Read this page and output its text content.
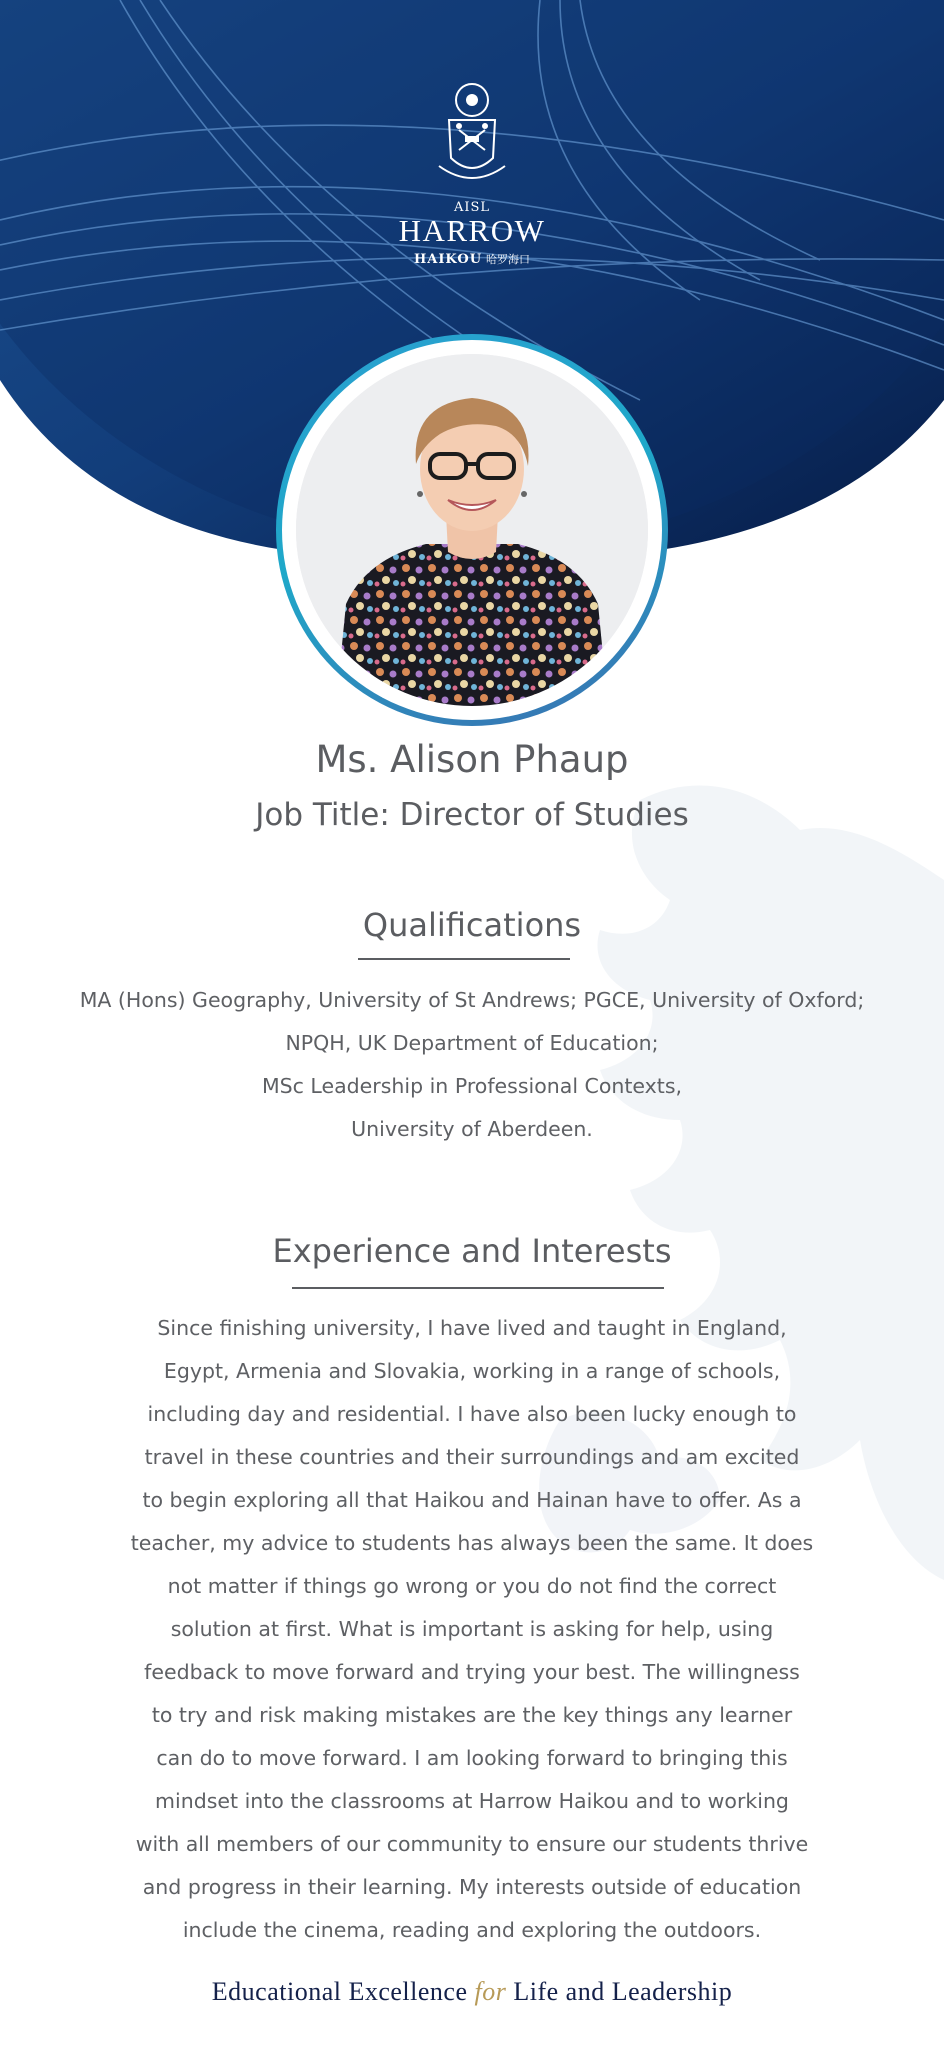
AISL
HARROW
HAIKOU 哈罗海口
Ms. Alison Phaup
Job Title: Director of Studies
Qualifications
MA (Hons) Geography, University of St Andrews; PGCE, University of Oxford;
NPQH, UK Department of Education;
MSc Leadership in Professional Contexts,
University of Aberdeen.
Experience and Interests
Since finishing university, I have lived and taught in England,
Egypt, Armenia and Slovakia, working in a range of schools,
including day and residential. I have also been lucky enough to
travel in these countries and their surroundings and am excited
to begin exploring all that Haikou and Hainan have to offer. As a
teacher, my advice to students has always been the same. It does
not matter if things go wrong or you do not find the correct
solution at first. What is important is asking for help, using
feedback to move forward and trying your best. The willingness
to try and risk making mistakes are the key things any learner
can do to move forward. I am looking forward to bringing this
mindset into the classrooms at Harrow Haikou and to working
with all members of our community to ensure our students thrive
and progress in their learning. My interests outside of education
include the cinema, reading and exploring the outdoors.
Educational Excellence for Life and Leadership
